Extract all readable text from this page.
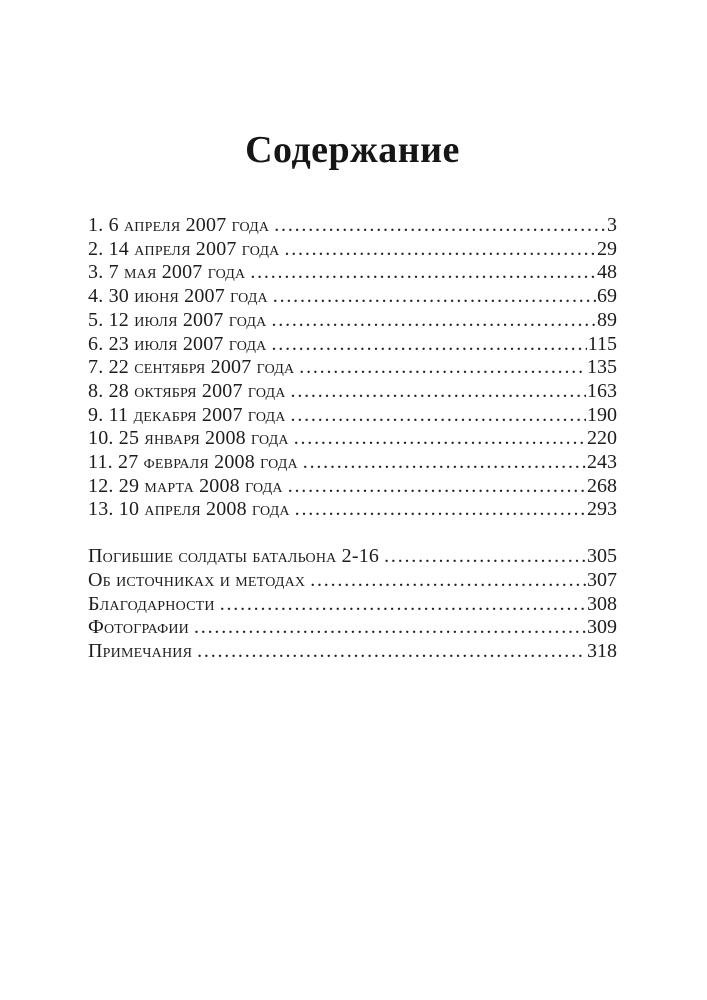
Содержание
1. 6 апреля 2007 года .....	3
2. 14 апреля 2007 года .....	29
3. 7 мая 2007 года .....	48
4. 30 июня 2007 года .....	69
5. 12 июля 2007 года .....	89
6. 23 июля 2007 года .....	115
7. 22 сентября 2007 года .....	135
8. 28 октября 2007 года .....	163
9. 11 декабря 2007 года .....	190
10. 25 января 2008 года .....	220
11. 27 февраля 2008 года .....	243
12. 29 марта 2008 года .....	268
13. 10 апреля 2008 года .....	293
Погибшие солдаты батальона 2-16 .....	305
Об источниках и методах .....	307
Благодарности .....	308
Фотографии .....	309
Примечания .....	318
